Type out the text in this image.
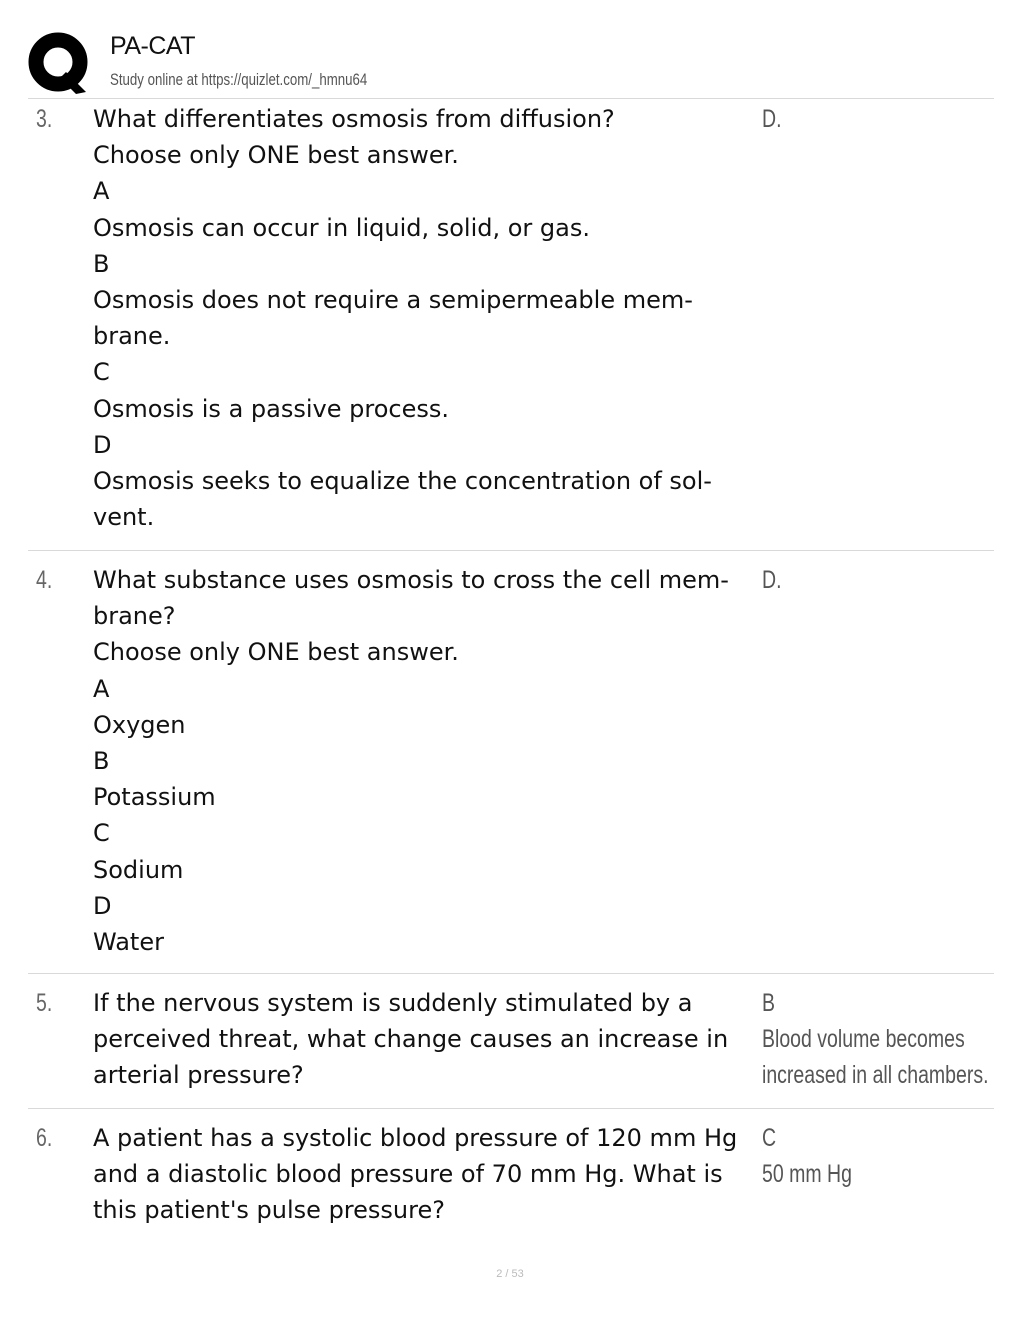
PA-CAT
Study online at https://quizlet.com/_hmnu64
3. What differentiates osmosis from diffusion?
Choose only ONE best answer.
A
Osmosis can occur in liquid, solid, or gas.
B
Osmosis does not require a semipermeable mem-
brane.
C
Osmosis is a passive process.
D
Osmosis seeks to equalize the concentration of sol-
vent.
D.
4. What substance uses osmosis to cross the cell mem-
brane?
Choose only ONE best answer.
A
Oxygen
B
Potassium
C
Sodium
D
Water
D.
5. If the nervous system is suddenly stimulated by a
perceived threat, what change causes an increase in
arterial pressure?
B
Blood volume becomes
increased in all chambers.
6. A patient has a systolic blood pressure of 120 mm Hg
and a diastolic blood pressure of 70 mm Hg. What is
this patient's pulse pressure?
C
50 mm Hg
2 / 53
